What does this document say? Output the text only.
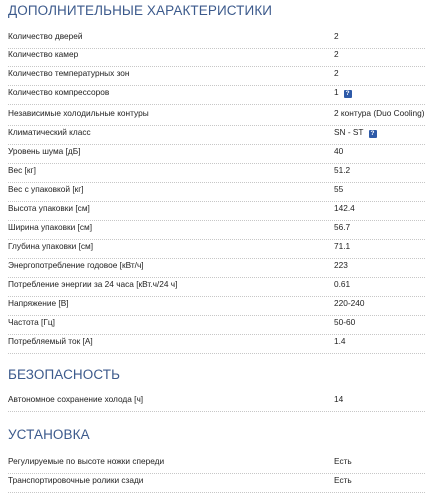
ДОПОЛНИТЕЛЬНЫЕ ХАРАКТЕРИСТИКИ
Количество дверей	2
Количество камер	2
Количество температурных зон	2
Количество компрессоров	1 ?
Независимые холодильные контуры	2 контура (Duo Cooling)
Климатический класс	SN - ST ?
Уровень шума [дБ]	40
Вес [кг]	51.2
Вес с упаковкой [кг]	55
Высота упаковки [см]	142.4
Ширина упаковки [см]	56.7
Глубина упаковки [см]	71.1
Энергопотребление годовое [кВт/ч]	223
Потребление энергии за 24 часа [кВт.ч/24 ч]	0.61
Напряжение [В]	220-240
Частота [Гц]	50-60
Потребляемый ток [А]	1.4
БЕЗОПАСНОСТЬ
Автономное сохранение холода [ч]	14
УСТАНОВКА
Регулируемые по высоте ножки спереди	Есть
Транспортировочные ролики сзади	Есть
